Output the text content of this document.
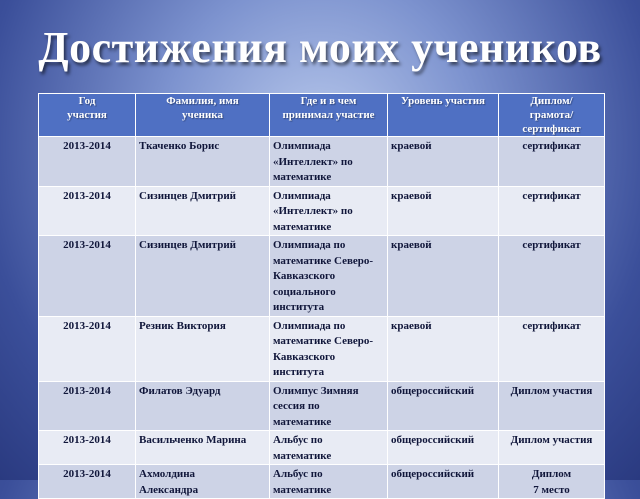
Достижения моих учеников
Год
участия	Фамилия, имя
ученика	Где и в чем
принимал участие	Уровень участия	Диплом/
грамота/
сертификат
2013-2014	Ткаченко Борис	Олимпиада
«Интеллект» по
математике	краевой	сертификат
2013-2014	Сизинцев Дмитрий	Олимпиада
«Интеллект» по
математике	краевой	сертификат
2013-2014	Сизинцев Дмитрий	Олимпиада по
математике Северо-
Кавказского
социального
института	краевой	сертификат
2013-2014	Резник Виктория	Олимпиада по
математике Северо-
Кавказского
института	краевой	сертификат
2013-2014	Филатов Эдуард	Олимпус Зимняя
сессия по
математике	общероссийский	Диплом участия
2013-2014	Васильченко Марина	Альбус по
математике	общероссийский	Диплом участия
2013-2014	Ахмолдина
Александра	Альбус по
математике	общероссийский	Диплом
7 место
